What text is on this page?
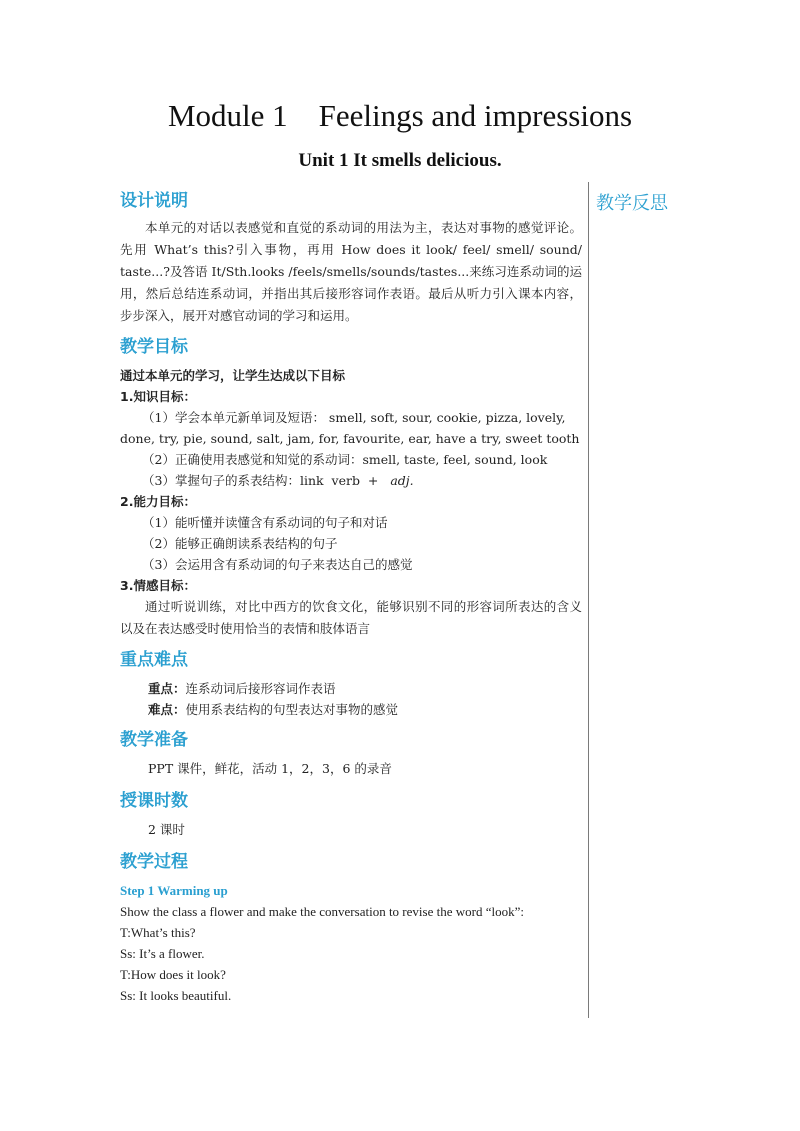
Module 1    Feelings and impressions
Unit 1 It smells delicious.
教学反思
设计说明

本单元的对话以表感觉和直觉的系动词的用法为主，表达对事物的感觉评论。先用 What’s this?引入事物，再用 How does it look/ feel/ smell/ sound/ taste...?及答语 It/Sth.looks /feels/smells/sounds/tastes...来练习连系动词的运用，然后总结连系动词，并指出其后接形容词作表语。最后从听力引入课本内容，步步深入，展开对感官动词的学习和运用。

教学目标

通过本单元的学习，让学生达成以下目标

1.知识目标：

（1）学会本单元新单词及短语： smell, soft, sour, cookie, pizza, lovely,

done, try, pie, sound, salt, jam, for, favourite, ear, have a try, sweet tooth

（2）正确使用表感觉和知觉的系动词：smell, taste, feel, sound, look

（3）掌握句子的系表结构：link  verb  +   adj.

2.能力目标：

（1）能听懂并读懂含有系动词的句子和对话

（2）能够正确朗读系表结构的句子

（3）会运用含有系动词的句子来表达自己的感觉

3.情感目标：

通过听说训练，对比中西方的饮食文化，能够识别不同的形容词所表达的含义以及在表达感受时使用恰当的表情和肢体语言

重点难点

重点：连系动词后接形容词作表语

难点：使用系表结构的句型表达对事物的感觉

教学准备

PPT 课件，鲜花，活动 1，2，3，6 的录音

授课时数

2 课时

教学过程

Step 1 Warming up

Show the class a flower and make the conversation to revise the word “look”:

T:What’s this?

Ss: It’s a flower.

T:How does it look?

Ss: It looks beautiful.
